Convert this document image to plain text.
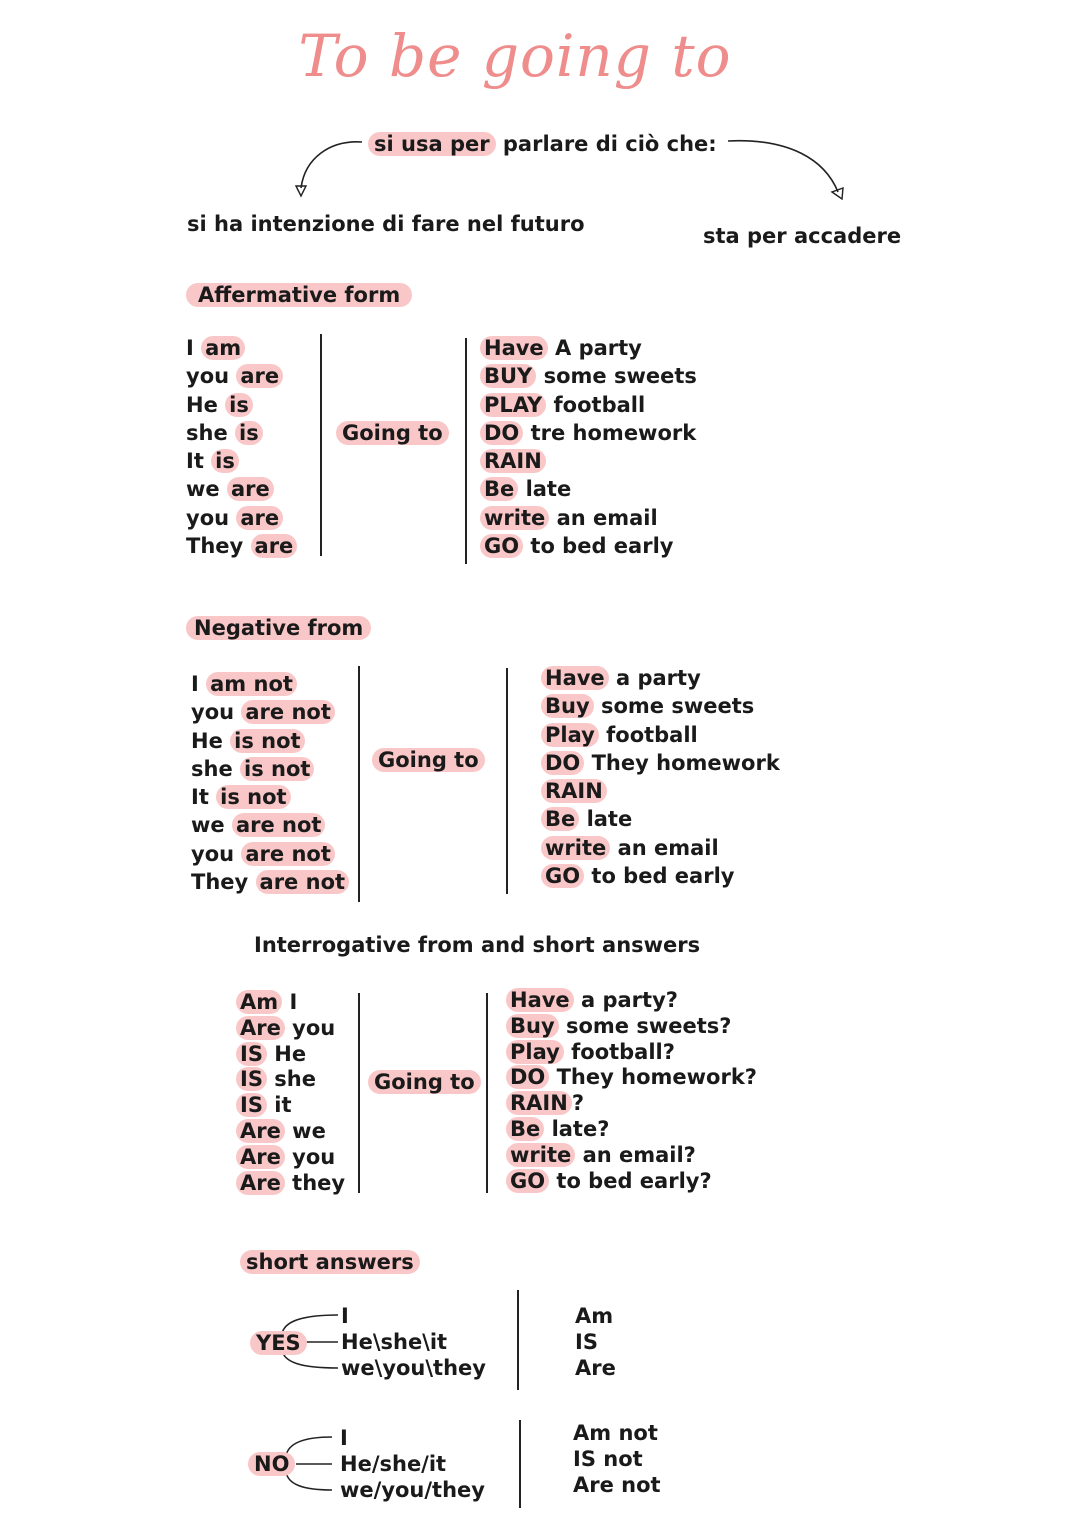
To be going to
si usa per parlare di ciò che:
si ha intenzione di fare nel futuro	sta per accadere
Affermative form
I am
you are
He is
she is
It is
we are
you are
They are
Going to
Have A party
BUY some sweets
PLAY football
DO tre homework
RAIN
Be late
write an email
GO to bed early
Negative from
I am not
you are not
He is not
she is not
It is not
we are not
you are not
They are not
Going to
Have a party
Buy some sweets
Play football
DO They homework
RAIN
Be late
write an email
GO to bed early
Interrogative from and short answers
Am I
Are you
IS He
IS she
IS it
Are we
Are you
Are they
Going to
Have a party?
Buy some sweets?
Play football?
DO They homework?
RAIN ?
Be late?
write an email?
GO to bed early?
short answers
YES
I
He\she\it
we\you\they
Am
IS
Are
NO
I
He/she/it
we/you/they
Am not
IS not
Are not
